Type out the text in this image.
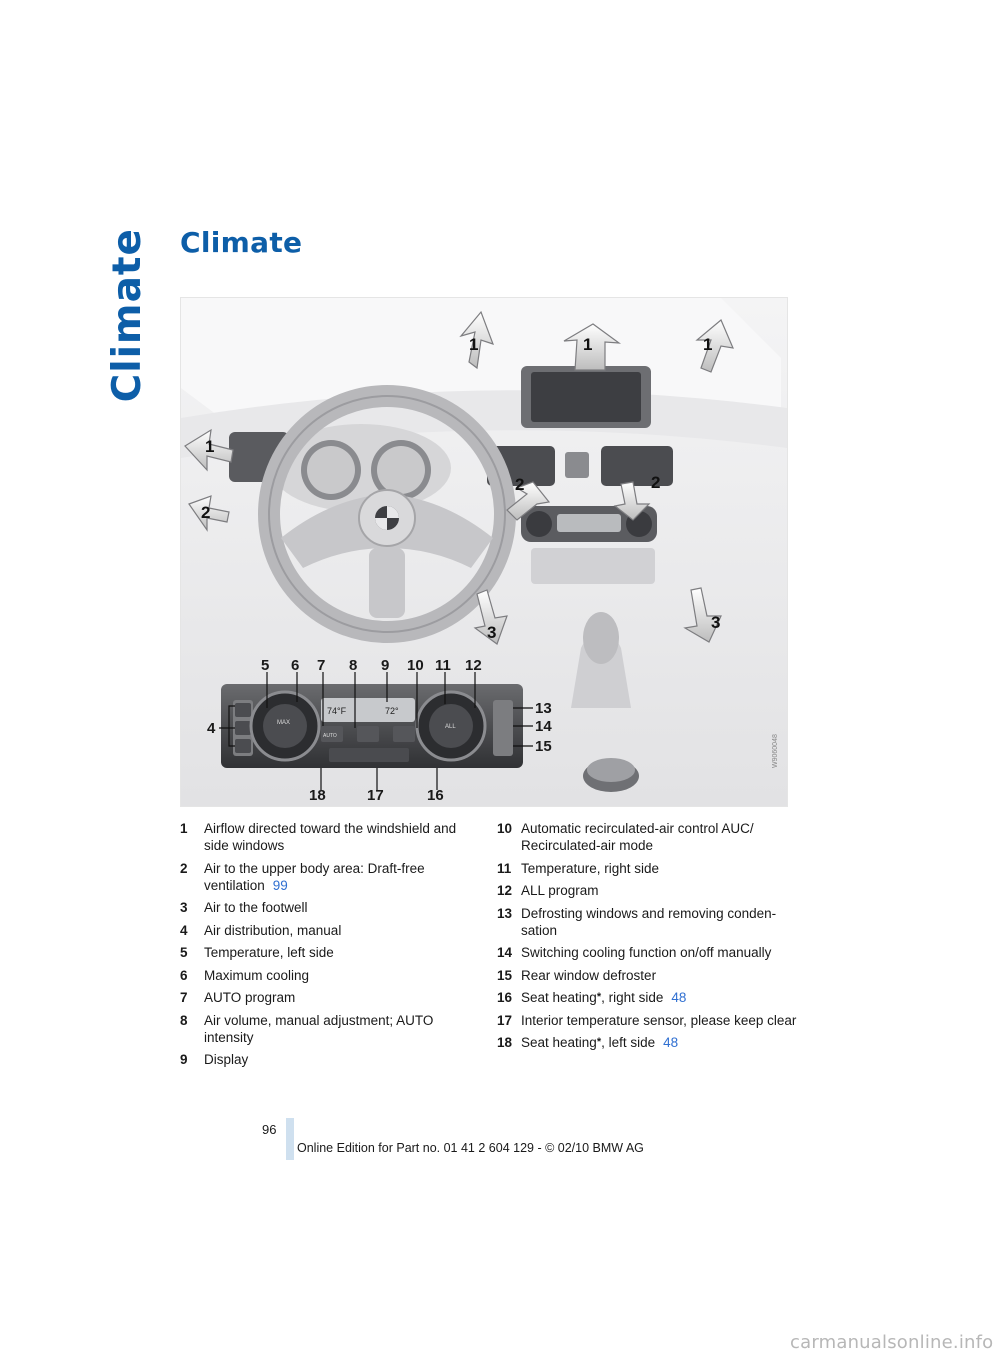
Climate Climate
1	1	1
1
2	2
2
3
3
MAX
ALL
74°F	72°
AUTO
5 6 7 8 9 10 11 12
4
13
14
15
18	17	16
W9060048
1 Airflow directed toward the windshield and side windows
2 Air to the upper body area: Draft-free ventilation 99
3 Air to the footwell
4 Air distribution, manual
5 Temperature, left side
6 Maximum cooling
7 AUTO program
8 Air volume, manual adjustment; AUTO intensity
9 Display
10 Automatic recirculated-air control AUC/ Recirculated-air mode
11 Temperature, right side
12 ALL program
13 Defrosting windows and removing conden- sation
14 Switching cooling function on/off manually
15 Rear window defroster
16 Seat heating*, right side 48
17 Interior temperature sensor, please keep clear
18 Seat heating*, left side 48
96
Online Edition for Part no. 01 41 2 604 129 - © 02/10 BMW AG
carmanualsonline.info
